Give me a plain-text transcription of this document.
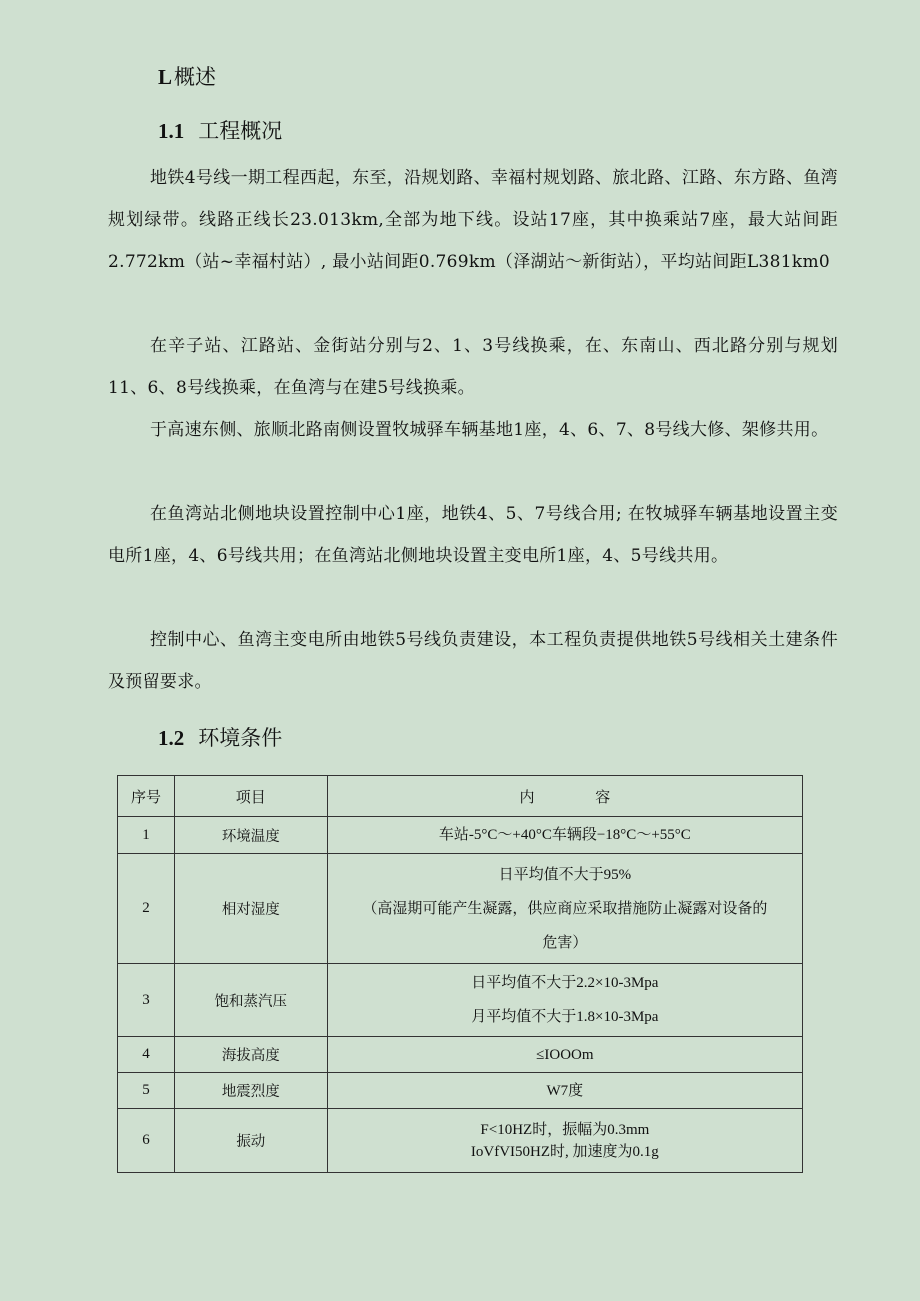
L概述
1.1 工程概况
地铁4号线一期工程西起，东至，沿规划路、幸福村规划路、旅北路、江路、东方路、鱼湾规划绿带。线路正线长23.013km,全部为地下线。设站17座，其中换乘站7座，最大站间距2.772km（站~幸福村站）, 最小站间距0.769km（泽湖站～新街站），平均站间距L381km0
在辛子站、江路站、金街站分别与2、1、3号线换乘，在、东南山、西北路分别与规划11、6、8号线换乘，在鱼湾与在建5号线换乘。
于高速东侧、旅顺北路南侧设置牧城驿车辆基地1座，4、6、7、8号线大修、架修共用。
在鱼湾站北侧地块设置控制中心1座，地铁4、5、7号线合用; 在牧城驿车辆基地设置主变电所1座，4、6号线共用；在鱼湾站北侧地块设置主变电所1座，4、5号线共用。
控制中心、鱼湾主变电所由地铁5号线负责建设，本工程负责提供地铁5号线相关土建条件及预留要求。
1.2 环境条件
序号	项目	内 容
1	环境温度	车站-5°C～+40°C车辆段−18°C～+55°C

2	相对湿度	日平均值不大于95%
（高湿期可能产生凝露，供应商应采取措施防止凝露对设备的
危害）

3	饱和蒸汽压	日平均值不大于2.2×10-3Mpa
月平均值不大于1.8×10-3Mpa

4	海拔高度	≤IOOOm

5	地震烈度	W7度

6	振动	F<10HZ时，振幅为0.3mm
IoVfVI50HZ时, 加速度为0.1g
